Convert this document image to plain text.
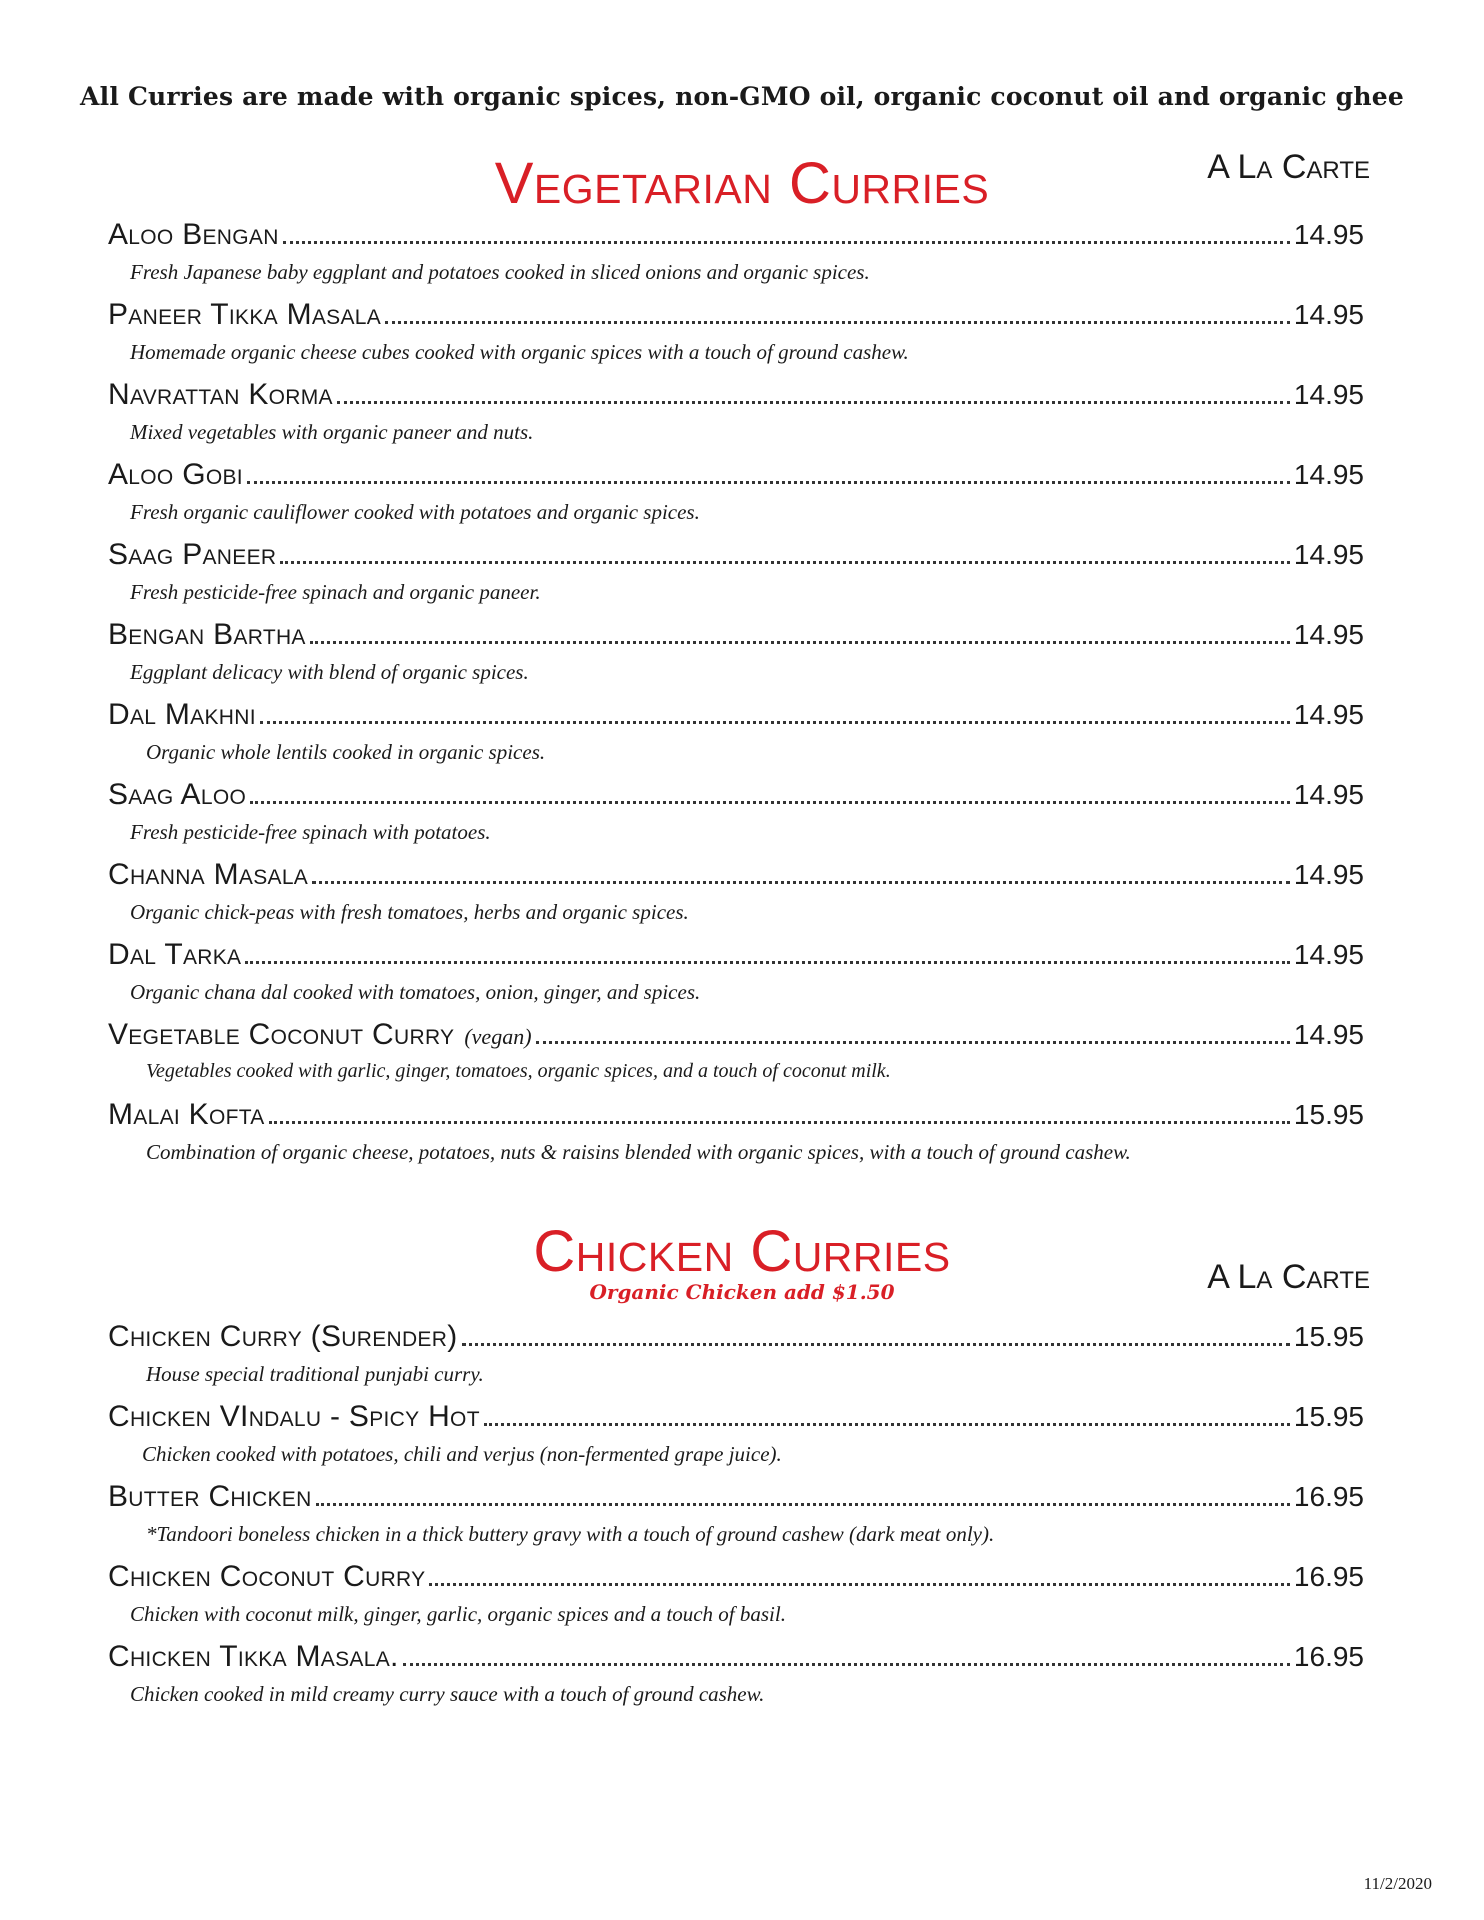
All Curries are made with organic spices, non-GMO oil, organic coconut oil and organic ghee
Vegetarian Curries	A La Carte
Aloo Bengan	14.95
Fresh Japanese baby eggplant and potatoes cooked in sliced onions and organic spices.
Paneer Tikka Masala	14.95
Homemade organic cheese cubes cooked with organic spices with a touch of ground cashew.
Navrattan Korma	14.95
Mixed vegetables with organic paneer and nuts.
Aloo Gobi	14.95
Fresh organic cauliflower cooked with potatoes and organic spices.
Saag Paneer	14.95
Fresh pesticide-free spinach and organic paneer.
Bengan Bartha	14.95
Eggplant delicacy with blend of organic spices.
Dal Makhni	14.95
Organic whole lentils cooked in organic spices.
Saag Aloo	14.95
Fresh pesticide-free spinach with potatoes.
Channa Masala	14.95
Organic chick-peas with fresh tomatoes, herbs and organic spices.
Dal Tarka	14.95
Organic chana dal cooked with tomatoes, onion, ginger, and spices.
Vegetable Coconut Curry (vegan)	14.95
Vegetables cooked with garlic, ginger, tomatoes, organic spices, and a touch of coconut milk.
Malai Kofta	15.95
Combination of organic cheese, potatoes, nuts & raisins blended with organic spices, with a touch of ground cashew.
Chicken Curries
Organic Chicken add $1.50	A La Carte
Chicken Curry (Surender)	15.95
House special traditional punjabi curry.
Chicken VIndalu - Spicy Hot	15.95
Chicken cooked with potatoes, chili and verjus (non-fermented grape juice).
Butter Chicken	16.95
*Tandoori boneless chicken in a thick buttery gravy with a touch of ground cashew (dark meat only).
Chicken Coconut Curry	16.95
Chicken with coconut milk, ginger, garlic, organic spices and a touch of basil.
Chicken Tikka Masala.	16.95
Chicken cooked in mild creamy curry sauce with a touch of ground cashew.
11/2/2020
